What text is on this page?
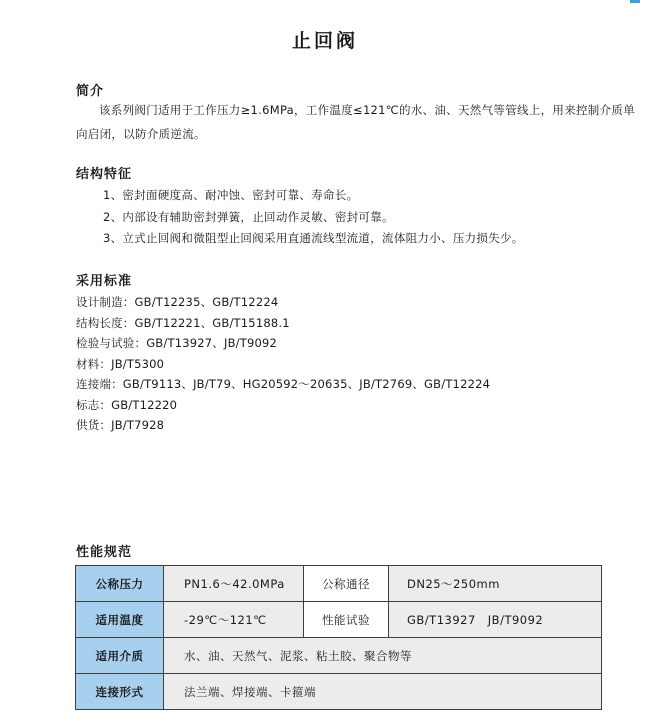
止回阀
简介

该系列阀门适用于工作压力≥1.6MPa，工作温度≤121℃的水、油、天然气等管线上，用来控制介质单向启闭，以防介质逆流。

结构特征
1、密封面硬度高、耐冲蚀、密封可靠、寿命长。
2、内部设有辅助密封弹簧，止回动作灵敏、密封可靠。
3、立式止回阀和微阻型止回阀采用直通流线型流道，流体阻力小、压力损失少。
采用标准
设计制造：GB/T12235、GB/T12224
结构长度：GB/T12221、GB/T15188.1
检验与试验：GB/T13927、JB/T9092
材料：JB/T5300
连接端：GB/T9113、JB/T79、HG20592～20635、JB/T2769、GB/T12224
标志：GB/T12220
供货：JB/T7928
性能规范
公称压力	PN1.6～42.0MPa	公称通径	DN25～250mm
适用温度	-29℃～121℃	性能试验	GB/T13927　JB/T9092
适用介质	水、油、天然气、泥浆、粘土胶、聚合物等		
连接形式	法兰端、焊接端、卡箍端		
